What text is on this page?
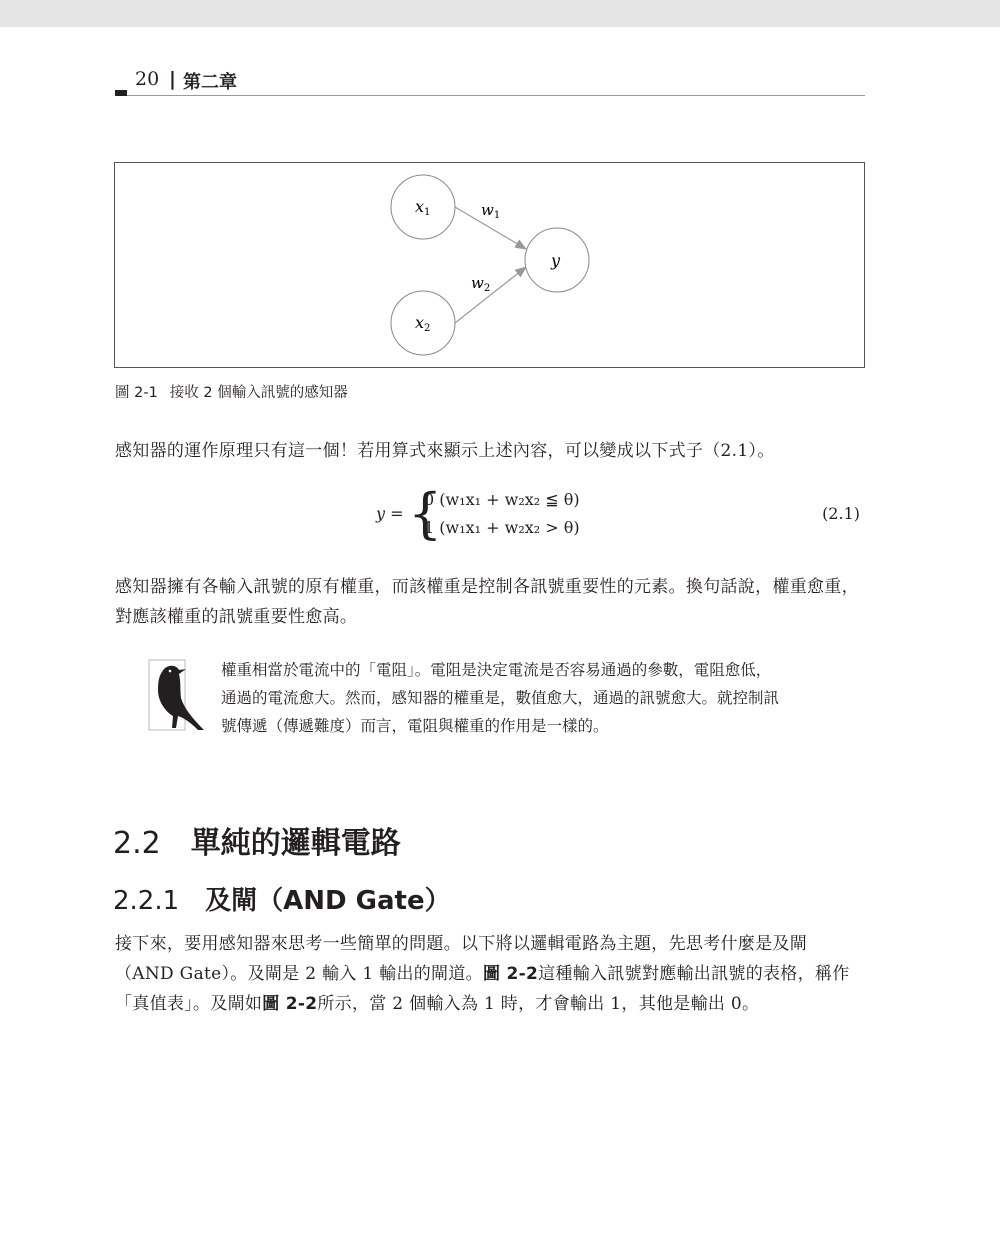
20 | 第二章
x1
x2
y
$w_1$
$w_2$
圖 2-1 接收 2 個輸入訊號的感知器

感知器的運作原理只有這一個！若用算式來顯示上述內容，可以變成以下式子（2.1）。

y = {
0 (w₁x₁ + w₂x₂ ≦ θ)
1 (w₁x₁ + w₂x₂ > θ)
(2.1)

感知器擁有各輸入訊號的原有權重，而該權重是控制各訊號重要性的元素。換句話說，權重愈重，對應該權重的訊號重要性愈高。

權重相當於電流中的「電阻」。電阻是決定電流是否容易通過的參數，電阻愈低，通過的電流愈大。然而，感知器的權重是，數值愈大，通過的訊號愈大。就控制訊號傳遞（傳遞難度）而言，電阻與權重的作用是一樣的。

2.2 單純的邏輯電路
2.2.1 及閘（AND Gate）

接下來，要用感知器來思考一些簡單的問題。以下將以邏輯電路為主題，先思考什麼是及閘（AND Gate）。及閘是 2 輸入 1 輸出的閘道。圖 2-2這種輸入訊號對應輸出訊號的表格，稱作「真值表」。及閘如圖 2-2所示，當 2 個輸入為 1 時，才會輸出 1，其他是輸出 0。
